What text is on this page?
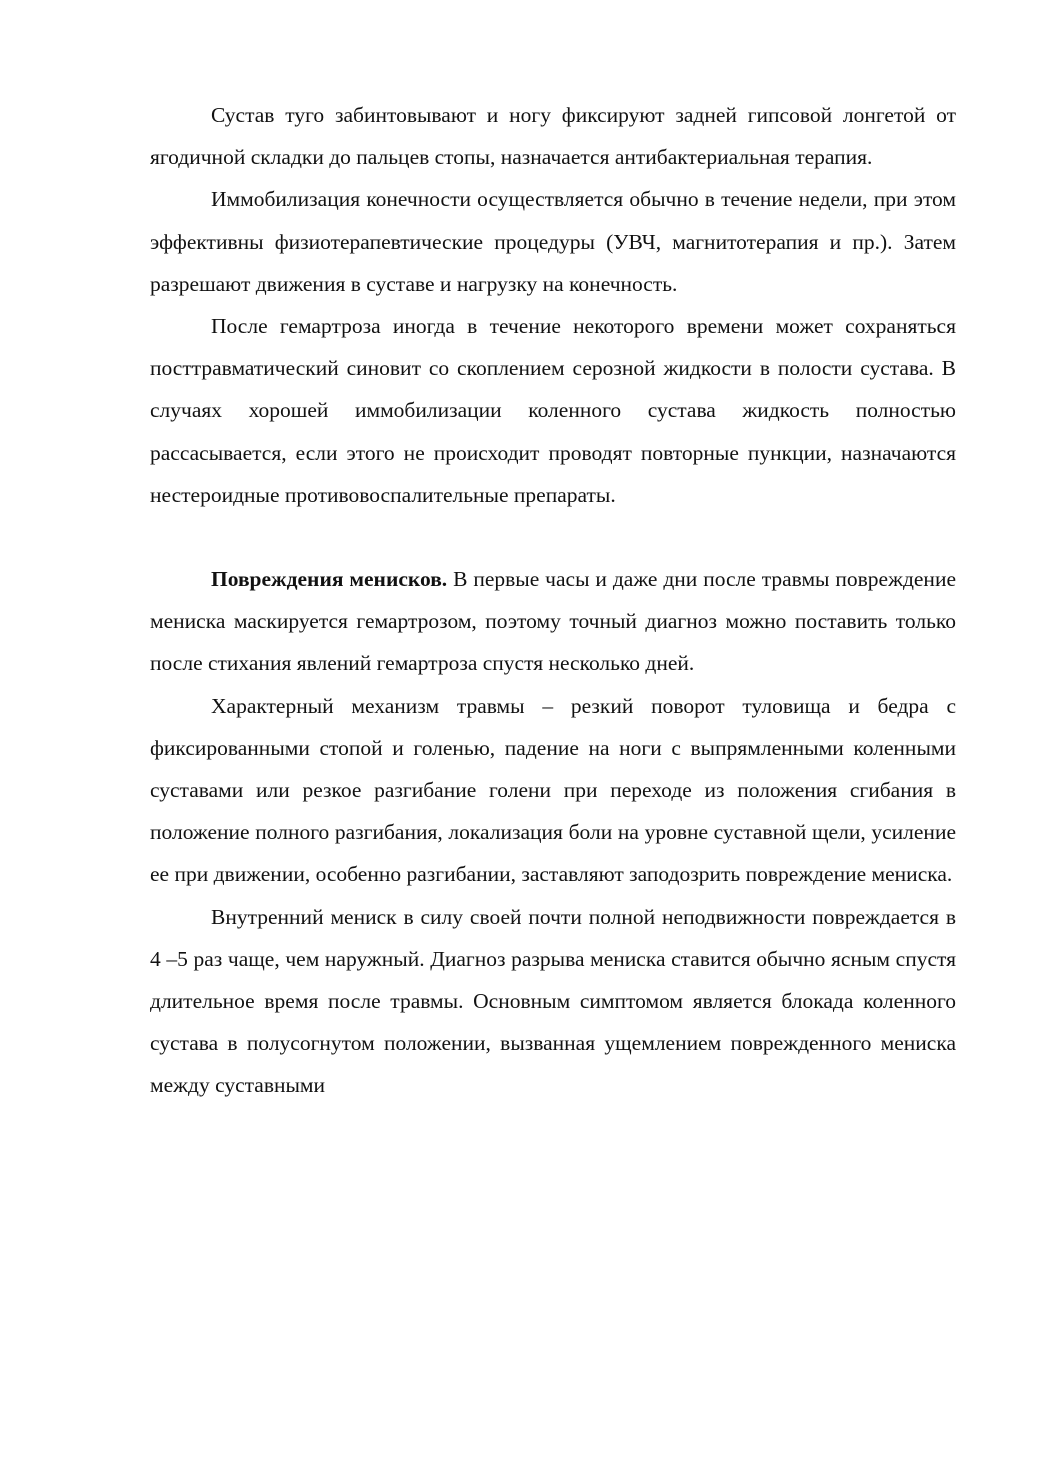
Сустав туго забинтовывают и ногу фиксируют задней гипсовой лонгетой от ягодичной складки до пальцев стопы, назначается антибактериальная терапия.

Иммобилизация конечности осуществляется обычно в течение недели, при этом эффективны физиотерапевтические процедуры (УВЧ, магнитотерапия и пр.). Затем разрешают движения в суставе и нагрузку на конечность.

После гемартроза иногда в течение некоторого времени может сохраняться посттравматический синовит со скоплением серозной жидкости в полости сустава. В случаях хорошей иммобилизации коленного сустава жидкость полностью рассасывается, если этого не происходит проводят повторные пункции, назначаются нестероидные противовоспалительные препараты.

Повреждения менисков. В первые часы и даже дни после травмы повреждение мениска маскируется гемартрозом, поэтому точный диагноз можно поставить только после стихания явлений гемартроза спустя несколько дней.

Характерный механизм травмы – резкий поворот туловища и бедра с фиксированными стопой и голенью, падение на ноги с выпрямленными коленными суставами или резкое разгибание голени при переходе из положения сгибания в положение полного разгибания, локализация боли на уровне суставной щели, усиление ее при движении, особенно разгибании, заставляют заподозрить повреждение мениска.

Внутренний мениск в силу своей почти полной неподвижности повреждается в 4 –5 раз чаще, чем наружный. Диагноз разрыва мениска ставится обычно ясным спустя длительное время после травмы. Основным симптомом является блокада коленного сустава в полусогнутом положении, вызванная ущемлением поврежденного мениска между суставными
